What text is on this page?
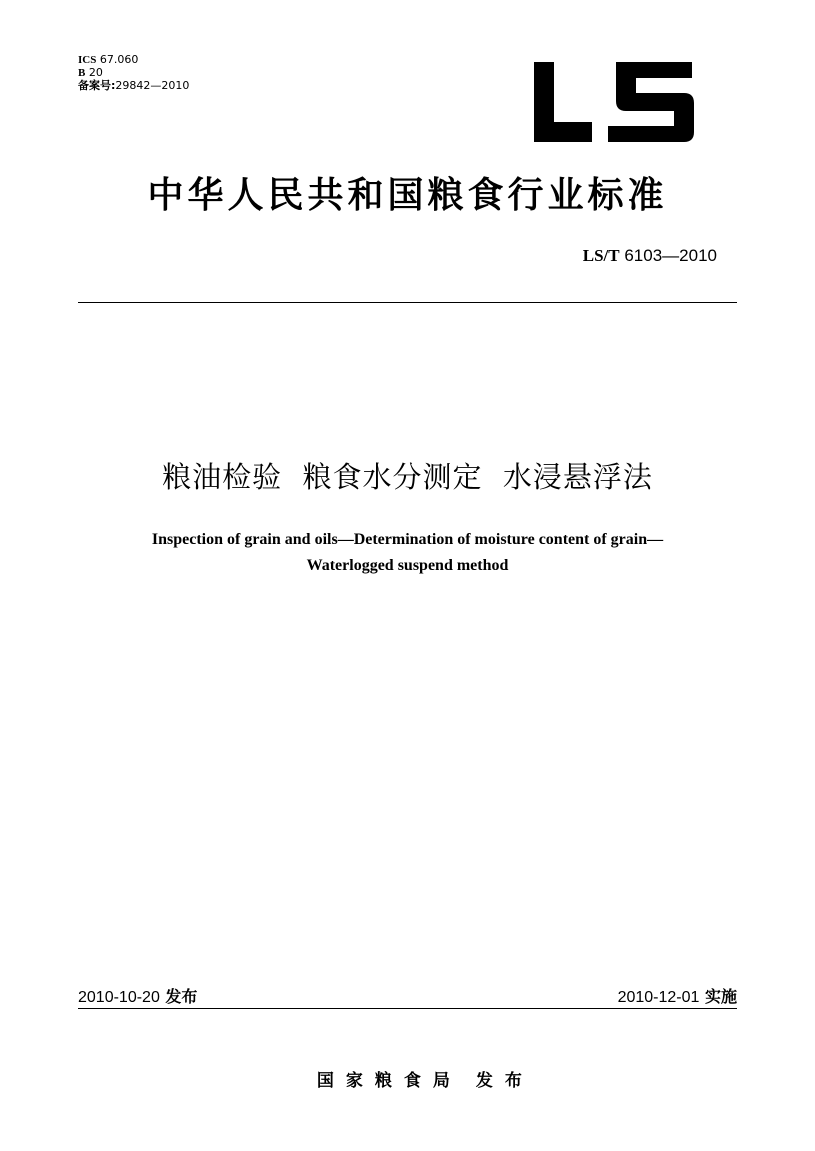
ICS 67.060
B 20
备案号:29842—2010
中华人民共和国粮食行业标准
LS/T 6103—2010
粮油检验  粮食水分测定  水浸悬浮法
Inspection of grain and oils—Determination of moisture content of grain—
Waterlogged suspend method
2010-10-20 发布	2010-12-01 实施

国家粮食局 发布
